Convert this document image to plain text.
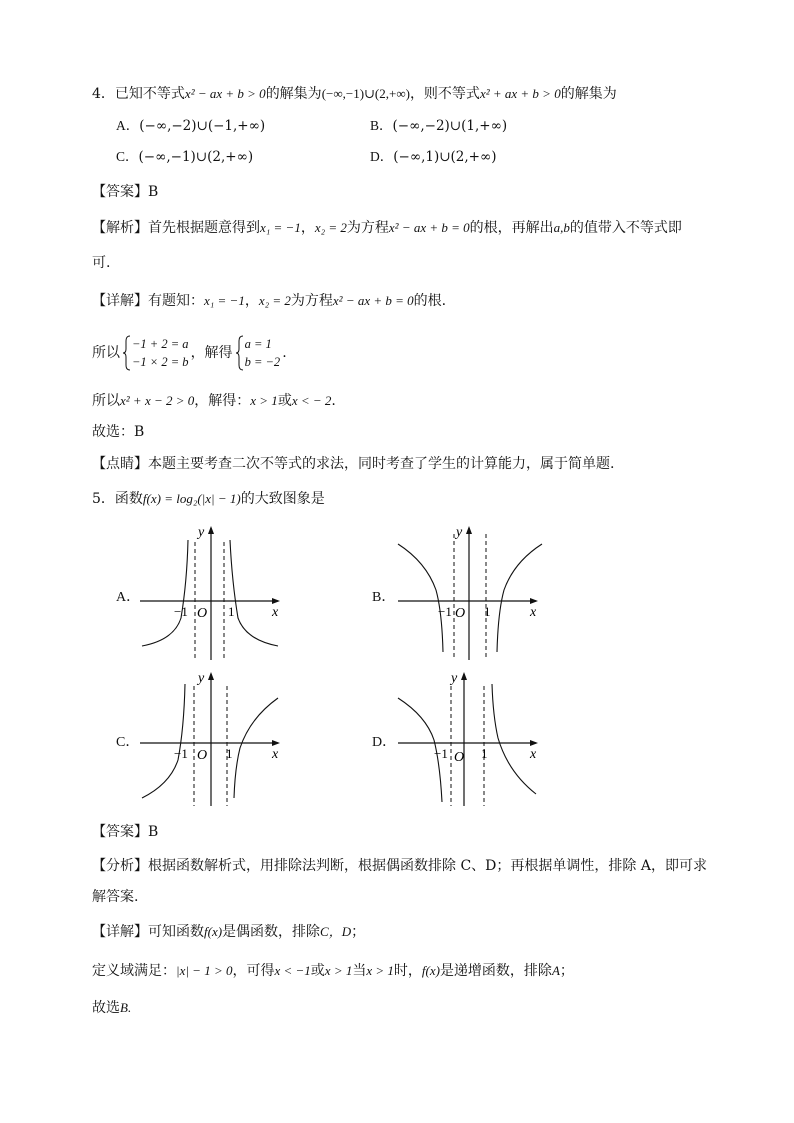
4．已知不等式x² − ax + b > 0的解集为(−∞,−1)∪(2,+∞)，则不等式x² + ax + b > 0的解集为
A．(−∞,−2)∪(−1,+∞)	B．(−∞,−2)∪(1,+∞)
C．(−∞,−1)∪(2,+∞)	D．(−∞,1)∪(2,+∞)
【答案】B
【解析】首先根据题意得到x₁ = −1，x₂ = 2为方程x² − ax + b = 0的根，再解出a,b的值带入不等式即
可.
【详解】有题知：x₁ = −1，x₂ = 2为方程x² − ax + b = 0的根.
所以
−1 + 2 = a
−1 × 2 = b
，解得
a = 1
b = −2
.
所以x² + x − 2 > 0，解得：x > 1或x < − 2.
故选：B
【点睛】本题主要考查二次不等式的求法，同时考查了学生的计算能力，属于简单题.
5．函数f(x) = log₂(|x| − 1)的大致图象是
A．	B．
C．	D．
x
y
O
−1	1	x
y
O
−1 1
x
y
O
−1	1	x
y
O
−1	1
【答案】B
【分析】根据函数解析式，用排除法判断，根据偶函数排除 C、D；再根据单调性，排除 A，即可求
解答案.
【详解】可知函数f(x)是偶函数，排除C，D；
定义域满足：|x| − 1 > 0，可得x < −1或x > 1当x > 1时，f(x)是递增函数，排除A；
故选B.
